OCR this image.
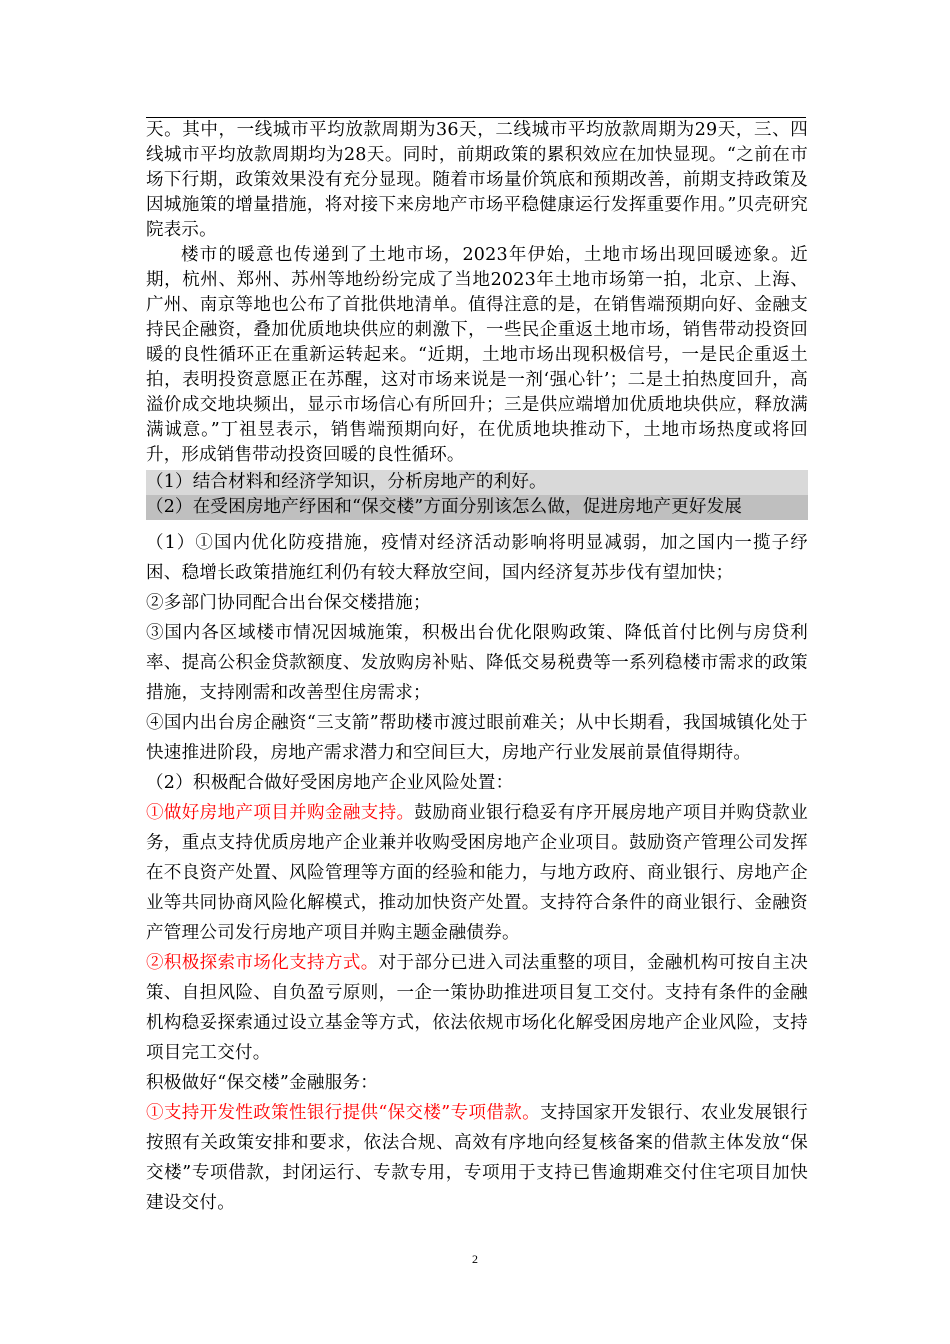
天。其中，一线城市平均放款周期为36天，二线城市平均放款周期为29天，三、四线城市平均放款周期均为28天。同时，前期政策的累积效应在加快显现。“之前在市场下行期，政策效果没有充分显现。随着市场量价筑底和预期改善，前期支持政策及因城施策的增量措施，将对接下来房地产市场平稳健康运行发挥重要作用。”贝壳研究院表示。

楼市的暖意也传递到了土地市场，2023年伊始，土地市场出现回暖迹象。近期，杭州、郑州、苏州等地纷纷完成了当地2023年土地市场第一拍，北京、上海、广州、南京等地也公布了首批供地清单。值得注意的是，在销售端预期向好、金融支持民企融资，叠加优质地块供应的刺激下，一些民企重返土地市场，销售带动投资回暖的良性循环正在重新运转起来。“近期，土地市场出现积极信号，一是民企重返土拍，表明投资意愿正在苏醒，这对市场来说是一剂‘强心针’；二是土拍热度回升，高溢价成交地块频出，显示市场信心有所回升；三是供应端增加优质地块供应，释放满满诚意。”丁祖昱表示，销售端预期向好，在优质地块推动下，土地市场热度或将回升，形成销售带动投资回暖的良性循环。

（1）结合材料和经济学知识，分析房地产的利好。

（2）在受困房地产纾困和“保交楼”方面分别该怎么做，促进房地产更好发展

（1）①国内优化防疫措施，疫情对经济活动影响将明显减弱，加之国内一揽子纾困、稳增长政策措施红利仍有较大释放空间，国内经济复苏步伐有望加快；

②多部门协同配合出台保交楼措施；

③国内各区域楼市情况因城施策，积极出台优化限购政策、降低首付比例与房贷利率、提高公积金贷款额度、发放购房补贴、降低交易税费等一系列稳楼市需求的政策措施，支持刚需和改善型住房需求；

④国内出台房企融资“三支箭”帮助楼市渡过眼前难关；从中长期看，我国城镇化处于快速推进阶段，房地产需求潜力和空间巨大，房地产行业发展前景值得期待。

（2）积极配合做好受困房地产企业风险处置：

①做好房地产项目并购金融支持。鼓励商业银行稳妥有序开展房地产项目并购贷款业务，重点支持优质房地产企业兼并收购受困房地产企业项目。鼓励资产管理公司发挥在不良资产处置、风险管理等方面的经验和能力，与地方政府、商业银行、房地产企业等共同协商风险化解模式，推动加快资产处置。支持符合条件的商业银行、金融资产管理公司发行房地产项目并购主题金融债券。

②积极探索市场化支持方式。对于部分已进入司法重整的项目，金融机构可按自主决策、自担风险、自负盈亏原则，一企一策协助推进项目复工交付。支持有条件的金融机构稳妥探索通过设立基金等方式，依法依规市场化化解受困房地产企业风险，支持项目完工交付。

积极做好“保交楼”金融服务：

①支持开发性政策性银行提供“保交楼”专项借款。支持国家开发银行、农业发展银行按照有关政策安排和要求，依法合规、高效有序地向经复核备案的借款主体发放“保交楼”专项借款，封闭运行、专款专用，专项用于支持已售逾期难交付住宅项目加快建设交付。

2
